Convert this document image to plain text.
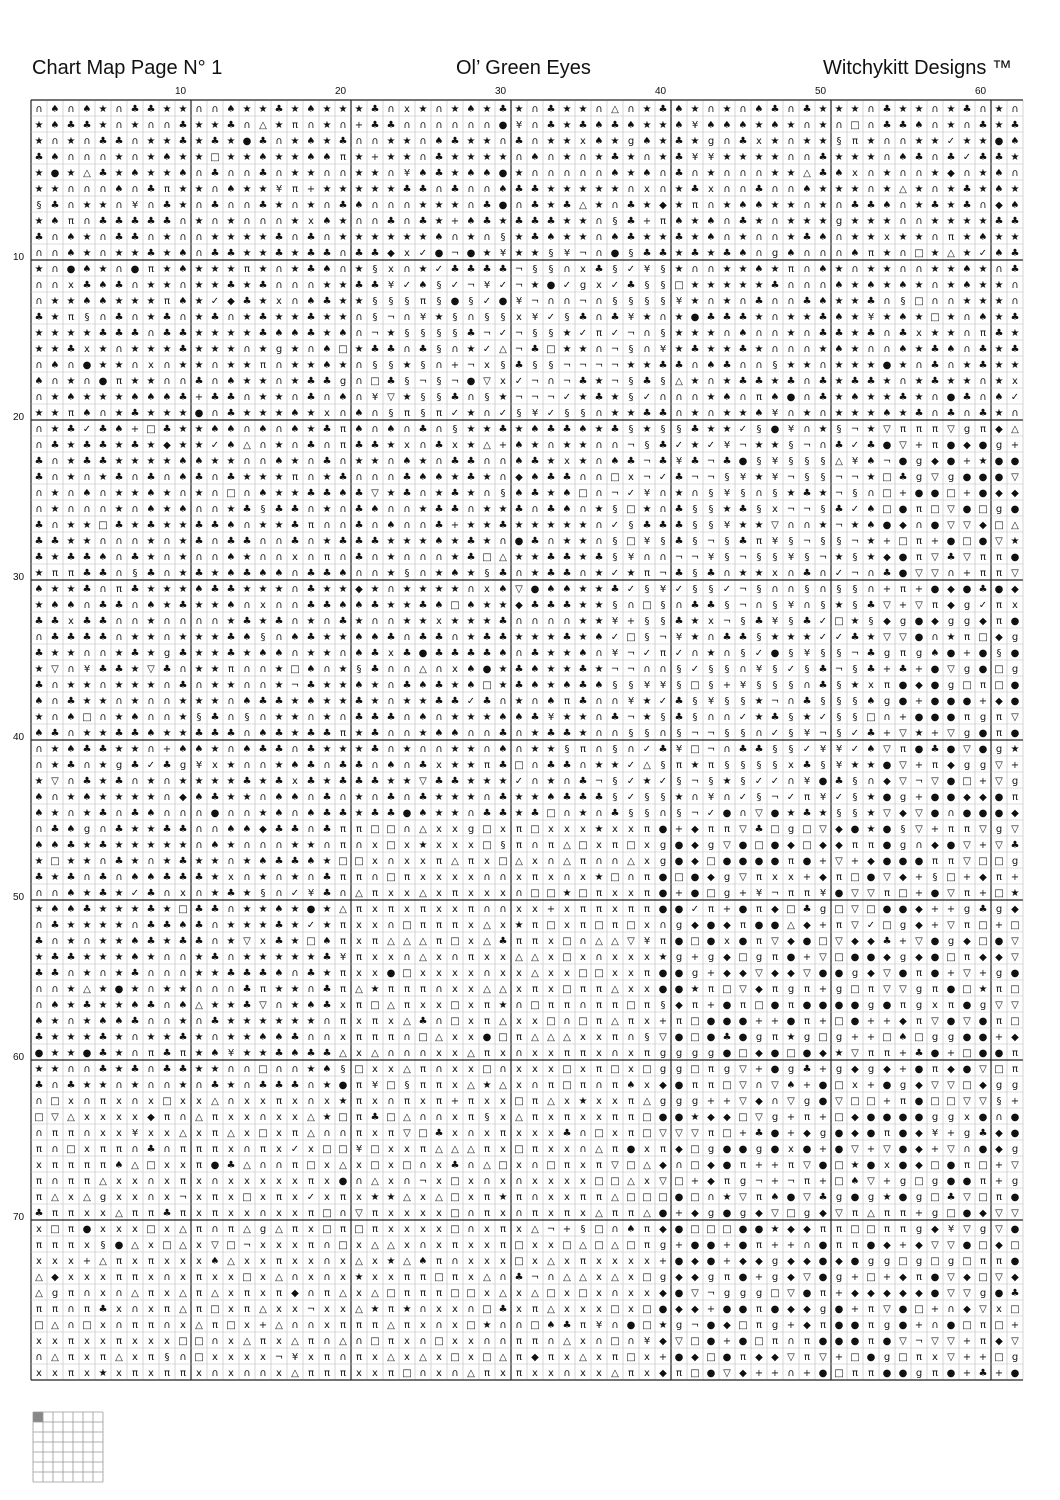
Chart Map Page N° 1	Ol’ Green Eyes	Witchykitt Designs ™
10	20	30	40	50	60
10
20
30
40
50
60
70
∩ ♠ ∩ ♠ ★ ∩ ♣ ♣ ★ ★ ∩ ∩ ♠ ★ ★ ♣ ★ ♠ ★ ★ ★ ♣ ∩ x ★ ∩ ★ ♠ ★ ♣ ★ ∩ ♣ ★ ★ ∩ △ ∩ ★ ♣ ♠ ★ ∩ ★ ∩ ♠ ♣ ∩ ♣ ★ ★ ★ ∩ ♣ ★ ★ ∩ ★ ♣ ∩ ★ ∩
★ ♠ ♣ ♣ ★ ∩ ★ ∩ ∩ ♣ ★ ★ ♣ ∩ △ ★ π ∩ ★ ∩ + ♣ ♣ ∩ ∩ ∩ ∩ ∩ ∩ ● ¥ ∩ ♣ ★ ♣ ♠ ♣ ♠ ★ ★ ♠ ¥ ♠ ♠ ♠ ★ ♠ ★ ∩ ★ ∩ □ ∩ ♣ ♣ ♠ ∩ ★ ∩ ♣ ★ ♣
★ ∩ ★ ∩ ♣ ♣ ∩ ★ ★ ♣ ★ ♣ ★ ● ♣ ∩ ★ ♠ ★ ♣ ∩ ∩ ★ ★ ∩ ♠ ♣ ★ ★ ∩ ♣ ∩ ★ ★ x ♠ ★ g ♠ ★ ♣ ★ g ∩ ♣ x ★ ∩ ★ ★ § π ★ ∩ ∩ ★ ★ ✓ ★ ★ ● ♠
♣ ♠ ∩ ∩ ∩ ★ ∩ ★ ♠ ★ ★ □ ★ ★ ♠ ★ ★ ♠ ♠ π ★ + ★ ★ ∩ ♣ ★ ★ ★ ★ ∩ ♠ ∩ ★ ∩ ★ ♣ ★ ∩ ★ ♣ ¥ ¥ ★ ★ ★ ★ ∩ ∩ ♣ ★ ★ ★ ∩ ♠ ♣ ∩ ♣ ✓ ♣ ♣ ★
★ ● ★ △ ♣ ★ ♠ ★ ★ ♠ ∩ ♣ ∩ ∩ ♣ ∩ ★ ★ ∩ ∩ ★ ★ ∩ ¥ ♠ ♣ ★ ♠ ♠ ● ★ ∩ ∩ ∩ ∩ ∩ ♠ ★ ♠ ∩ ♣ ∩ ★ ∩ ∩ ∩ ★ ★ △ ♣ ♠ x ∩ ★ ∩ ∩ ★ ◆ ∩ ★ ♠ ∩
★ ★ ∩ ∩ ∩ ♠ ∩ ♣ π ★ ★ ∩ ♠ ★ ★ ¥ π + ★ ★ ★ ★ ★ ♣ ♣ ∩ ♣ ∩ ∩ ♠ ♣ ♣ ★ ★ ★ ★ ★ ∩ x ∩ ★ ♣ x ∩ ∩ ♣ ∩ ∩ ♠ ★ ★ ★ ∩ ★ △ ★ ∩ ★ ♣ ★ ♠ ★
§ ♣ ∩ ★ ★ ∩ ¥ ∩ ♣ ★ ∩ ♣ ∩ ∩ ♣ ★ ∩ ★ ∩ ♣ ♠ ∩ ∩ ∩ ★ ★ ★ ∩ ♣ ● ∩ ♣ ★ ♣ △ ★ ∩ ♣ ★ ◆ ★ π ∩ ★ ♠ ♠ ★ ★ ∩ ★ ∩ ♣ ♣ ♠ ∩ ★ ♣ ★ ♣ ∩ ◆ ♠
★ ♠ π ∩ ♣ ♣ ♣ ♣ ♣ ∩ ★ ∩ ★ ∩ ∩ ∩ ★ x ♠ ★ ∩ ∩ ♣ ∩ ♣ ★ + ♠ ♣ ★ ♣ ♣ ♣ ★ ★ ∩ § ♣ + π ♠ ★ ♠ ∩ ♣ ★ ∩ ★ ★ ★ g ★ ★ ★ ∩ ∩ ★ ★ ★ ★ ♣ ♣
♣ ∩ ♠ ★ ∩ ♣ ♣ ∩ ★ ∩ ∩ ★ ★ ★ ★ ♣ ∩ ♣ ∩ ★ ★ ★ ★ ★ ★ ♠ ∩ ★ ∩ § ★ ♣ ♠ ★ ★ ∩ ♠ ♣ ★ ★ ♣ ★ ♠ ∩ ★ ∩ ∩ ★ ♣ ♠ ∩ ★ ★ x ★ ★ ∩ π ★ ♠ ★ ★
∩ ∩ ♠ ★ ∩ ★ ★ ♣ ★ ♠ ∩ ♣ ♣ ★ ★ ♣ ★ ♣ ♣ ∩ ♣ ♣ ◆ x ✓ ● ¬ ● ★ ¥ ★ ★ § ¥ ¬ ∩ ● § ♣ ♣ ★ ♣ ★ ♣ ♠ ∩ g ♠ ∩ ∩ ∩ ♠ π ★ ∩ □ ★ △ ★ ✓ ♠ ♣
★ ∩ ● ♠ ★ ∩ ● π ★ ♠ ★ ★ ★ π ★ ∩ ★ ♣ ♠ ∩ ★ § x ∩ ★ ✓ ♣ ♣ ♣ ♣ ¬ § § ∩ x ♣ § ✓ ¥ § ★ ∩ ∩ ★ ★ ♠ ★ π ∩ ♠ ★ ∩ ★ ★ ∩ ∩ ★ ★ ♠ ★ ∩ ♣
∩ ∩ x ♣ ♠ ♣ ∩ ★ ★ ∩ ★ ★ ♣ ★ ♣ ∩ ∩ ∩ ★ ★ ♣ ♣ ¥ ✓ ♠ § ✓ ¬ ¥ ✓ ¬ ★ ● ✓ g x ✓ ♣ § § □ ★ ★ ★ ★ ★ ♣ ∩ ∩ ∩ ♠ ★ ♠ ★ ♠ ★ ∩ ★ ♠ ★ ★ ∩
∩ ★ ★ ♠ ♠ ★ ★ ★ π ♠ ★ ✓ ◆ ♣ ★ x ∩ ♠ ♣ ★ ★ § § § π § ● § ✓ ● ¥ ¬ ∩ ∩ ¬ ∩ § § § § ¥ ★ ∩ ★ ∩ ♣ ∩ ∩ ♣ ♠ ★ ★ ♣ ∩ § □ ∩ ∩ ★ ★ ★ ∩
♣ ★ π § ∩ ♣ ∩ ★ ♣ ∩ ★ ♣ ∩ ★ ♣ ★ ★ ♣ ★ ★ ∩ § ¬ ∩ ¥ ★ § ∩ § § x ¥ ✓ § ♣ ∩ ♣ ¥ ★ ∩ ★ ● ♣ ♣ ♣ ★ ∩ ★ ★ ♣ ♠ ★ ¥ ★ ♠ ★ □ ★ ∩ ♠ ★ ♣
★ ★ ★ ★ ♣ ♣ ♣ ∩ ♣ ♣ ★ ★ ★ ★ ♣ ♠ ♠ ♣ ★ ♠ ∩ ¬ ★ § § § § ♣ ¬ ✓ ¬ § § ★ ✓ π ✓ ¬ ∩ § ★ ★ ★ ∩ ♠ ∩ ∩ ★ ∩ ♣ ♣ ★ ♣ ∩ ♣ x ★ ★ ∩ π ♣ ★
★ ★ ♣ x ★ ∩ ★ ★ ★ ♣ ★ ★ ★ ∩ ★ g ★ ∩ ♠ □ ★ ♣ ♣ ∩ ♣ § ∩ ★ ✓ △ ¬ ♣ □ ★ ★ ∩ ¬ § ∩ ¥ ★ ♣ ★ ★ ♣ ★ ∩ ∩ ∩ ★ ♠ ★ ∩ ∩ ♠ ★ ♣ ♠ ∩ ♣ ★ ♣
∩ ♠ ∩ ● ★ ★ ∩ x ∩ ★ ★ ∩ ★ ★ π ∩ ★ ★ ♠ ★ ∩ § § ★ § ∩ + ¬ x § ♣ § § ¬ ¬ ¬ ¬ ★ ★ ♣ ♣ ∩ ♠ ♣ ∩ ∩ § ★ ★ ∩ ★ ★ ★ ● ★ ∩ ♣ ∩ ★ ♣ ★ ★
♠ ∩ ★ ∩ ● π ★ ★ ∩ ∩ ♣ ∩ ♠ ★ ★ ∩ ★ ♣ ♣ g ∩ □ ♣ § ¬ § ¬ ● ▽ x ✓ ¬ ∩ ¬ ♣ ★ ¬ § ♣ § △ ★ ∩ ★ ♣ ♣ ★ ♣ ∩ ♣ ★ ♣ ♣ ★ ∩ ★ ♣ ★ ★ ∩ ★ x
∩ ★ ♠ ★ ★ ★ ♠ ♠ ♠ ♣ + ♣ ♣ ∩ ★ ★ ∩ ♣ ∩ ♠ ∩ ¥ ▽ ★ § § ♣ ∩ § ★ ¬ ¬ ¬ ✓ ★ ♣ ★ § ✓ ∩ ∩ ∩ ★ ♠ ∩ π ♠ ● ∩ ♣ ★ ♠ ★ ★ ♣ ★ ∩ ● ♣ ∩ ♠ ✓
★ ★ π ♠ ∩ ★ ♣ ★ ★ ★ ● ∩ ♣ ★ ★ ★ ♠ ★ x ∩ ♠ ∩ § π § π ✓ ★ ∩ ✓ § ¥ ✓ § § ∩ ★ ★ ♣ ♣ ∩ ★ ∩ ★ ★ ♠ ¥ ∩ ★ ∩ ★ ★ ★ ♠ ★ ♣ ∩ ♣ ∩ ♣ ★ ∩
∩ ★ ♣ ✓ ♣ ♠ + □ ♣ ★ ★ ♠ ♠ ∩ ♠ ∩ ♠ ★ ♣ π ♠ ∩ ♠ ∩ ♣ ∩ § ★ ★ ♣ ★ ♠ ♣ ♣ ♠ ★ ♣ § ★ § § ♣ ★ ★ ✓ § ● ¥ ∩ ★ § ¬ ★ ▽ π π π ▽ g π ◆ △
∩ ♣ ★ ♣ ♣ ★ ♣ ★ ◆ ★ ★ ✓ ♠ △ ∩ ★ ∩ ♣ ∩ π ♣ ♣ ★ x ∩ ♣ x ★ △ + ♠ ★ ∩ ★ ★ ∩ ∩ ¬ § ♣ ✓ ★ ✓ ¥ ¬ ★ ★ § ¬ ∩ ♣ ✓ ♣ ● ▽ + π ● ◆ ● g +
♣ ∩ ★ ♣ ♣ ★ ★ ★ ★ ♠ ♠ ★ ★ ∩ ∩ ♠ ★ ∩ ♣ ∩ ★ ★ ∩ ♠ ★ ∩ ♣ ♣ ∩ ∩ ♠ ♣ ★ x ★ ∩ ♠ ♣ ¬ ♣ ¥ ♣ ¬ ♣ ● § ¥ § § § △ ¥ ♠ ¬ ● g ◆ ● + ★ ● ●
♣ ∩ ★ ∩ ★ ♣ ∩ ♣ ∩ ♠ ♣ ∩ ♣ ★ ★ ★ π ∩ ★ ♣ ∩ ∩ ∩ ♣ ♠ ♠ ★ ♣ ★ ∩ ◆ ♠ ♣ ♣ ∩ ∩ □ x ¬ ✓ ♣ ¬ ¬ § ¥ ★ ¥ ¬ § § ¬ ¬ ★ □ ♣ g ▽ g ● ● ● ▽
∩ ★ ∩ ♠ ∩ ★ ★ ♠ ★ ∩ ★ ∩ □ ∩ ♠ ★ ★ ♣ ♣ ♠ ♣ ▽ ★ ♣ ∩ ★ ♣ ★ ∩ § ♠ ♣ ★ ♠ □ ∩ ¬ ✓ ¥ ∩ ★ ∩ § ¥ § ∩ § ★ ♣ ★ ¬ § ∩ □ + ● ● □ + ● ◆ ◆
∩ ★ ∩ ∩ ∩ ★ ∩ ♠ ★ ♠ ∩ ∩ ★ ♣ § ♣ ♣ ∩ ★ ∩ ♣ ♠ ∩ ∩ ★ ♣ ♣ ∩ ★ ★ ♣ ∩ ♣ ♠ ∩ ★ § □ ★ ∩ ♣ § § ★ ♣ § x ¬ ¬ § ♣ ✓ ♠ □ ● π □ ▽ ● □ g ●
♣ ∩ ★ ★ □ ♣ ★ ♣ ★ ★ ♣ ♣ ♠ ∩ ★ ★ ♣ π ∩ ∩ ♣ ∩ ♠ ∩ ∩ ♣ + ★ ★ ♣ ★ ★ ★ ★ ★ ∩ ✓ § ♣ ♣ ♣ § § ¥ ★ ★ ▽ ∩ ∩ ★ ¬ ★ ♠ ● ◆ ∩ ● ▽ ▽ ◆ □ △
♣ ♣ ★ ★ ∩ ∩ ∩ ★ ∩ ★ ♣ ∩ ♣ ♣ ∩ ∩ ♣ ∩ ★ ♣ ♣ ♣ ★ ★ ★ ♠ ★ ♣ ★ ∩ ● ♣ ∩ ★ ★ ∩ § □ ¥ § ♣ § ¬ § ♣ π ¥ § ¬ § § ¬ ★ + □ π + ● □ ● ▽ ★
♣ ★ ♣ ♣ ♠ ∩ ♣ ★ ∩ ★ ∩ ∩ ♠ ★ ∩ ∩ x ∩ π ∩ ♣ ∩ ★ ∩ ∩ ∩ ★ ♣ □ △ ★ ★ ♣ ♣ ★ ♣ § ¥ ∩ ∩ ¬ ¬ ¥ § ¬ § § ¥ § ¬ ★ § ★ ◆ ● π ▽ ♣ ▽ π π ●
★ π π ♣ ♣ ∩ § ♣ ∩ ★ ♣ ★ ♠ ♣ ♠ ♠ ∩ ♣ ♣ ♠ ∩ ∩ ★ § ∩ ★ ♠ ★ § ♣ ∩ ★ ♣ ♣ ∩ ★ ✓ ★ π ¬ ♣ § ♣ ∩ ★ ★ x ∩ ♣ ∩ ✓ ¬ ∩ ♣ ● ▽ ▽ ∩ + π π ▽
♠ ★ ★ ♣ ∩ π ♣ ★ ★ ★ ♠ ♣ ♣ ★ ★ ★ ∩ ♣ ★ ★ ◆ ★ ∩ ★ ★ ★ ★ ∩ x ♠ ▽ ● ♠ ♠ ★ ★ ♣ ✓ § ¥ ✓ § § ✓ ¬ § ∩ ∩ § ∩ § § ∩ + π + ● ◆ ● ♣ ● ◆
★ ♠ ♠ ∩ ♣ ♣ ∩ ♠ ★ ♣ ★ ★ ♠ ∩ x ∩ ∩ ♣ ♣ ♠ ♠ ♣ ★ ★ ♣ ♠ □ ♠ ★ ★ ◆ ♣ ♣ ♣ ★ ★ § ∩ □ § ∩ ♣ ♣ § ¬ ∩ § ¥ ∩ § ★ § ♣ ▽ + ▽ π ◆ g ✓ π x
♣ ♣ x ♣ ♣ ∩ ∩ ★ ∩ ∩ ∩ ∩ ★ ♣ ★ ♣ ∩ ★ ∩ ♣ ★ ∩ ∩ ★ ★ x ★ ★ ★ ♣ ∩ ∩ ∩ ∩ ★ ★ ¥ + § § ♣ ★ x ¬ § ♣ ¥ § ♣ ✓ □ ★ § ◆ g ● ◆ g g ◆ π ●
∩ ♣ ♣ ♣ ♣ ∩ ★ ★ ∩ ★ ★ ★ ♣ ♠ § ∩ ♠ ♣ ★ ★ ♠ ♠ ♣ ∩ ♣ ♣ ∩ ★ ♣ ♣ ★ ★ ★ ♣ ★ ♠ ✓ □ § ¬ ¥ ★ ∩ ♣ ♣ § ★ ★ ★ ✓ ✓ ♣ ★ ▽ ▽ ● ∩ ★ π □ ◆ g
♣ ★ ★ ∩ ∩ ★ ♣ ★ g ♣ ★ ★ ♣ ★ ♠ ♠ ∩ ★ ★ ∩ ♠ ♣ x ♣ ● ♣ ♣ ♣ ♣ ♠ ∩ ♣ ★ ★ ♠ ∩ ¥ ¬ ✓ π ✓ ∩ ★ ∩ § ✓ ● § ¥ § § ¬ ♣ g π g ♠ ● + ● § ●
★ ▽ ∩ ¥ ♣ ♣ ★ ▽ ♣ ∩ ★ ★ π ∩ ∩ ★ □ ♠ ∩ ★ § ♣ ∩ ∩ △ ∩ x ♠ ● ★ ♣ ♠ ★ ★ ♣ ★ ¬ ¬ ∩ ∩ § ✓ § § ∩ ¥ § ✓ § ♣ ¬ § ♣ + ♣ + ● ▽ g ● □ g
♣ ∩ ★ ★ ∩ ★ ★ ★ ∩ ♣ ∩ ★ ★ ∩ ∩ ★ ¬ ♣ ★ ★ ♠ ★ ∩ ♣ ♠ ♣ ★ ♠ □ ★ ♣ ♠ ★ ♠ ♣ ♠ § § ¥ ¥ § □ § + ¥ § § § ∩ ♣ § ★ x π ● ◆ ● g □ π □ ●
♠ ∩ ♣ ★ ★ ∩ ★ ∩ ∩ ★ ★ ★ ∩ ♠ ♣ ♣ ★ ♠ ★ ★ ♣ ★ ∩ ★ ★ ♣ ♣ ✓ ♣ ∩ ★ ∩ ♠ π ♣ ∩ ∩ ¥ ★ ✓ ♣ § ¥ § § ★ ¬ ∩ ♣ § § § ♠ g ● + ● ● ● + ◆ ●
★ ∩ ♠ □ ∩ ★ ♠ ∩ ∩ ★ § ♣ ∩ § ∩ ★ ★ ∩ ★ ∩ ♣ ♣ ♣ ∩ ♠ ∩ ★ ★ ★ ♠ ♠ ♣ ¥ ★ ★ ∩ ♣ ¬ ★ § ♣ § ∩ ∩ ✓ ★ ♣ § ★ ✓ § § □ ∩ + ● ● ● π g π ▽
♠ ♣ ∩ ★ ★ ♣ ♣ ♠ ★ ★ ♣ ♣ ♣ ∩ ♠ ♣ ★ ♣ ♣ π ★ ♣ ∩ ∩ ★ ♠ ♠ ∩ ∩ ♣ ∩ ★ ♣ ♣ ★ ∩ ∩ § § ∩ § ¬ ¬ § § ∩ ✓ § ¥ ¬ § ✓ ♣ + ▽ ★ + ▽ g ● π ●
∩ ★ ♠ ♣ ♣ ★ ★ ∩ + ♠ ♠ ★ ∩ ♠ ♣ ♣ ∩ ♣ ★ ★ ★ ♣ ∩ ★ ∩ ∩ ★ ★ ∩ ♠ ∩ ★ ★ § π ∩ § ∩ ✓ ♣ ¥ □ ¬ ∩ ♣ ♣ § § ✓ ¥ ¥ ✓ ♠ ▽ π ● ♣ ● ▽ ● g ★
∩ ★ ♣ ∩ ★ g ♣ ✓ ♣ g ¥ x ★ ∩ ∩ ★ ♠ ♣ ∩ ♣ ♣ ∩ ♠ ∩ ♣ x ★ ★ π ♣ □ ∩ ♣ ♣ ∩ ★ ★ ✓ △ § π ★ π § § § § x ♣ § ¥ ★ ★ ● ▽ + π ◆ g g ▽ +
★ ▽ ∩ ♣ ★ ♣ ∩ ★ ∩ ★ ★ ★ ★ ♣ ★ ♣ x ♣ ★ ♣ ♣ ♣ ★ ★ ▽ ♣ ♣ ★ ★ ★ ✓ ∩ ★ ∩ ♣ ¬ § ✓ ★ ✓ § ¬ § ★ § ✓ ✓ ∩ ¥ ● ♣ § ∩ ◆ ▽ ¬ ▽ ● □ + ▽ g
♠ ∩ ★ ♠ ★ ★ ★ ★ ∩ ◆ ♠ ♣ ★ ★ ∩ ♠ ♠ ∩ ♣ ∩ ★ ∩ ♣ ∩ ♣ ★ ★ ★ ∩ ♣ ★ ★ ♠ ♣ ♣ ♣ § ✓ § § ★ ∩ ¥ ∩ ✓ § ¬ ✓ π ¥ ✓ § ★ ● g + ● ● ◆ ◆ ● π
♠ ★ ∩ ★ ♣ ∩ ♣ ♠ ∩ ∩ ∩ ● ∩ ∩ ★ ♠ ∩ ♠ ♣ ♣ ★ ♣ ♣ ● ♠ ★ ★ ∩ ♣ ♣ ★ ♣ □ ∩ ★ ∩ ♣ § § ∩ § ¬ ✓ ● ∩ ▽ ● ★ ♣ ★ § § ★ ▽ ◆ ▽ ● ∩ ● ● ● ◆
∩ ♣ ♠ g ∩ ♣ ★ ★ ♣ ♣ ∩ ∩ ♠ ♠ ◆ ♣ ♣ ∩ ♣ π π □ □ ∩ △ x x g □ x π □ x x x ★ x x π ● + ◆ π π ▽ ♣ □ g □ ▽ ◆ ● ★ ● § ▽ + π π ▽ g ▽
♠ ♠ ♣ ★ ♣ ★ ★ ★ ★ ★ ∩ ♠ ★ ∩ ∩ ∩ ★ ★ ∩ π ∩ x □ x ★ x x x □ § π ∩ π △ □ x π □ x g ● ◆ g ▽ ● □ ● ◆ □ ◆ ◆ π π ● g ∩ ◆ ● ▽ + ▽ ♣
★ □ ★ ★ ∩ ♣ ★ ∩ ★ ♣ ★ ★ ∩ ★ ♠ ♣ ♣ ♠ ★ □ □ x ∩ x x π △ π x □ △ x ∩ △ π ∩ ∩ △ x g ● ◆ □ ● ● ● ● π ● + ▽ + ◆ ● ● ● π π ▽ □ □ g
♣ ★ ♣ ∩ ♣ ∩ ♠ ♠ ♣ ♣ ♣ ★ x ∩ ★ ∩ ★ ∩ ♣ π π ∩ □ π x x x x ∩ ∩ x π x ∩ x ★ □ ∩ π ● □ ● ◆ g ▽ π x x + ◆ π □ ● ▽ ◆ + § □ + ◆ π +
∩ ∩ ♠ ★ ♣ ★ ✓ ♣ ∩ x ∩ ★ ♣ ★ § ∩ ✓ ¥ ♣ ∩ △ π x x △ x π x x x ∩ □ □ ★ □ π x x π ● + ● □ g + ¥ ¬ π π ¥ ● ▽ ▽ π □ + ● ▽ π + □ ★
★ ♠ ♠ ♣ ★ ★ ★ ♣ ★ □ ♣ ♣ ∩ ★ ★ ♠ ★ ● ★ △ π x π x π x x π ∩ ∩ x x + x π π x π π ● ● ✓ π + ● π ◆ □ ♣ g □ ▽ □ ● ● ◆ + + g ♣ g ◆
∩ ♣ ★ ★ ★ ★ ∩ ♣ ♣ ♠ ♣ ∩ ★ ★ ★ ♣ ★ ✓ ★ π x x ∩ □ π π π x △ x ★ π □ x π □ π □ x ∩ g ◆ ● ◆ π ● ● △ ◆ + π ▽ ✓ □ g ◆ + ▽ π □ + □
♣ ∩ ★ ∩ ★ ★ ♠ ♣ ★ ♣ ♣ ∩ ★ ▽ x ♣ ★ □ ♠ π x π △ △ △ π □ x △ ♣ π π x □ ∩ △ △ ▽ ¥ π ● □ ● x ● π ▽ ◆ ● □ ▽ ◆ ◆ ♣ + ▽ ● g ◆ □ ● ▽
★ ♣ ♣ ★ ★ ★ ♠ ★ ∩ ∩ ★ ♣ ∩ ★ ★ ★ ★ ★ ♣ ¥ π x x ∩ △ x ∩ π x x △ △ x □ x ∩ x x x ★ g + g ◆ □ g π ● + ▽ □ ● ● ◆ g ◆ ● □ π ◆ ◆ ▽
♣ ♣ ∩ ★ ∩ ★ ♣ ∩ ∩ ∩ ★ ★ ♣ ♣ ♣ ♠ ∩ ♣ ★ π x x ● □ x x x x ∩ x x △ x x □ □ x x π ● ● g + ◆ ◆ ▽ ◆ ◆ ▽ ● ● g ◆ ▽ ● π ● + ▽ + g ●
∩ ∩ ★ △ ★ ● ★ ∩ ★ ★ ∩ ∩ ∩ ♣ π ★ ★ ∩ ♣ π △ ★ π π π ∩ x x △ △ x π x □ π π △ x x ● ● ★ π □ ▽ ◆ π g π + g □ π ▽ ▽ g π ● □ ★ π □
∩ ♠ ★ ♣ ★ ★ ♠ ♣ ∩ ♠ △ ★ ★ ♣ ▽ ∩ ★ ♠ ♣ x π □ △ π x x □ x π ★ ∩ □ π π ∩ π π □ π § ◆ π + ● π □ ● π ● ● ● ● g ● π g x π ● g ▽ ▽
♠ ★ ∩ ★ ♠ ♠ ♣ ∩ ∩ ★ ∩ ♣ ★ ★ ★ ★ ★ ★ ∩ π x π x △ ♣ ∩ □ x π △ x x □ ∩ □ π △ π x + π □ ● ● ● + + ● π + □ ● + + ◆ π ▽ ● ▽ ● π □
♣ ★ ★ ★ ♣ ★ ∩ ★ ★ ♣ ★ ∩ ★ ★ ♠ ♠ ♣ ∩ ∩ x π π π ∩ □ △ x x ● □ π △ △ △ x x π ∩ § ▽ ● □ ● ♣ ● g π ★ g □ g + + □ ♠ □ g g ● ● + ◆
● ★ ★ ● ♣ ★ ∩ π ♣ π ★ ♠ ¥ ★ ★ ♣ ♠ ♣ ♣ △ x △ ∩ ∩ ∩ x x △ π x ∩ x x π π x ∩ x π g g g g ● □ ◆ ● □ ● ◆ ★ ▽ π π + ♣ ● + □ ● ● π
★ ★ ∩ ∩ ♣ ★ ♣ ∩ ♣ ♣ ★ ★ ∩ ∩ □ ∩ ∩ ★ ♠ § □ x x △ π ∩ x x □ ∩ x x x □ x π □ x □ g g □ π g ▽ + ● g ♣ + g ◆ g ◆ + ● π ◆ ● ▽ □ π
♣ ∩ ♣ ★ ★ ∩ ★ ∩ ∩ ★ ∩ ♣ ★ ∩ ♣ ♣ ♣ ∩ ★ ● π ¥ □ § π π x △ ★ △ x ∩ π □ π ∩ π ♠ x ◆ ● π π □ ▽ ∩ ▽ ♠ + ● □ x + ● g ◆ ▽ ▽ □ ◆ g g
∩ □ x ∩ π x ∩ x □ x x △ ∩ x x π x ∩ x ★ π x ∩ π x π + π x x □ π △ x ★ x x π △ g g g + + ▽ ◆ ∩ ▽ g ● ▽ □ □ + π ● □ □ ▽ ▽ § +
□ ▽ △ x x x x ◆ π ∩ △ π x x ∩ x x △ ★ □ π ♣ □ △ ∩ ∩ x π § x △ π x π x x π π □ ● ● ★ ◆ ◆ □ ▽ g + π + □ ◆ ● ● ● ● g g x ● ∩ ●
∩ π π ∩ x x ¥ x x △ x π △ x □ x π △ ∩ ∩ π x π ▽ □ ♣ x ∩ x π x x x ♣ ∩ □ x π □ ▽ ▽ ▽ π □ + ♣ ● + ◆ g ● ◆ ● π ● ◆ ¥ + g ♣ ◆ ●
π ∩ □ x π π ∩ ♣ ∩ π π π x ∩ π x ✓ x □ □ ¥ □ x x π △ △ △ π x □ π x x ∩ △ π ● x π ◆ □ g ● ● g ● x ● + ● ▽ + ▽ ● ◆ + ▽ ∩ ● ◆ g
x π π π π ♠ △ □ x x π ● ♣ △ ∩ ∩ π □ x △ x □ x □ ∩ x ♣ ∩ △ □ x ∩ □ π x π ▽ □ △ ◆ ∩ □ ◆ ● π + + π ▽ ● □ ★ ● x ● ◆ □ ● π □ + ▽
π ∩ π π △ x x ∩ x π x ∩ x x x x x π x ● ∩ △ x ∩ ¬ x □ x ∩ x ∩ x x x x □ □ △ x ▽ □ + ◆ π g ¬ + ¬ π + □ ♠ ▽ + g □ g ● ● π + g
π △ x △ g x x ∩ x ¬ x π x □ x π x ✓ x π x ★ ★ △ x △ □ x π ★ π ∩ x x π π △ □ □ □ ● □ ∩ ★ ▽ π ♠ ● ▽ ♣ g ● g ★ ● g □ ♣ ▽ □ π ●
♣ π π x x △ π π ♣ π x π x x ∩ x x π □ ∩ ▽ π x x x x □ ∩ π x ∩ π x π x △ π π △ ● + ◆ g ● g ◆ ▽ □ g ◆ ▽ π △ π π + g □ ● ◆ ▽ ▽
x □ π ● x x x □ x △ π ∩ π △ g △ π x □ π □ π x x x x □ ∩ x π x △ ¬ + § □ ∩ ♠ π ◆ ● □ □ □ ● ● ★ ◆ ◆ π π □ □ π π g ◆ ¥ ▽ g ▽ ●
π π π x § ● △ x □ △ x ▽ □ ¬ x x x π ∩ □ x △ △ x ∩ x π x x π □ x x □ △ □ △ □ π g + ● ● + ● π + + ∩ ● π π ● ◆ + ◆ ▽ ▽ ● □ ◆ □
x x x + △ π x π x x x ♠ △ x x π x x ∩ x △ x ★ △ ♠ π ∩ x x x □ x △ x π x x x x + ● ◆ ● + ◆ ◆ g ◆ ◆ ● ◆ ● g g □ g □ g □ π π ●
△ ◆ x x x π π x ∩ x π x x □ x △ ∩ x ∩ x ★ x x π π □ π x △ ∩ ♣ ¬ ∩ △ △ x △ x □ g ◆ ◆ g π ● + g ◆ ▽ ● g + □ + ◆ π ● ▽ ◆ □ ▽ ◆
△ g π ∩ x ∩ △ π x △ π △ x π x π ◆ ∩ π △ x △ □ π π π □ □ x △ x △ □ x □ x ∩ x x ◆ ● ▽ ¬ g g g □ ▽ ● π + ◆ ◆ ◆ ◆ ◆ ● ▽ ▽ g ● ♣
π π ∩ π ♣ x ∩ x π △ π □ x π △ x x ¬ x x △ ★ π ★ ∩ x x ∩ □ ♣ x π △ x x x □ x □ ● ◆ ◆ + ● ● π ● ◆ ◆ g ● + π ▽ ● □ + ∩ ◆ ▽ x □
□ △ ∩ □ x ∩ π π ∩ x △ π □ x + △ ∩ ∩ x π π π △ π x ∩ x □ ★ ∩ ∩ □ ♠ ♣ π ¥ ∩ ● □ ★ g ¬ ● ◆ □ π g + ◆ π ● ● π g ● + ∩ ● □ π □ +
x x π x x π x x x □ □ ∩ x △ π x △ π ∩ △ ∩ □ π x ∩ □ x x ∩ ∩ π π ∩ △ x ∩ □ ∩ ¥ ◆ ▽ □ ● + ● □ π ∩ π ● ● ● π ● ▽ ¬ ▽ ▽ + π ◆ ▽
∩ △ π x π △ x π § ∩ □ x x x x ¬ ¥ x π ∩ π x △ x △ x □ x □ △ π ◆ π x △ x π □ x + ● ◆ □ ● π ◆ ◆ ▽ π ▽ + □ ● g □ π x ▽ + + □ g
x x π x ★ x π x π π x ∩ x ∩ ∩ x △ π π π x x π □ ∩ x ∩ △ π x π x x ∩ x x △ π x ◆ π □ ● ▽ ◆ + + ∩ + ● □ π π ● ● g π ● + ♣ + ●
